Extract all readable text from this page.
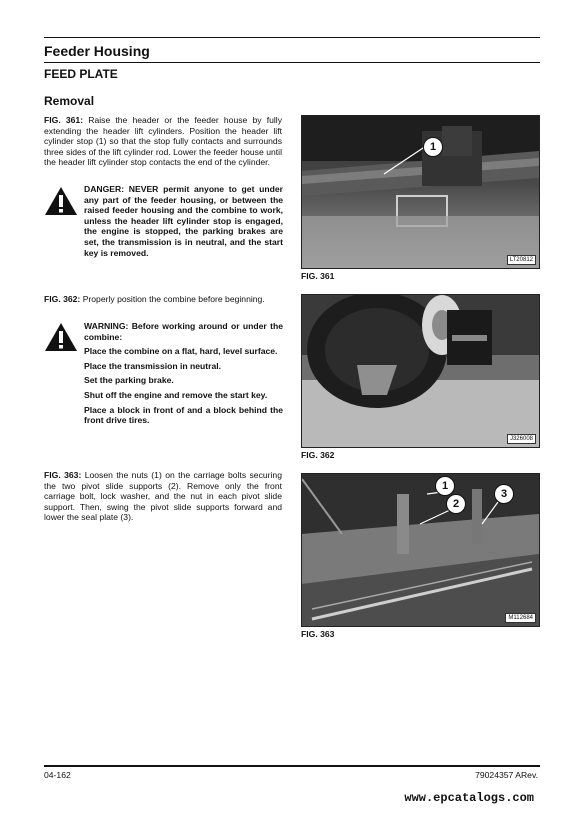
Feeder Housing
FEED PLATE
Removal
FIG. 361: Raise the header or the feeder house by fully extending the header lift cylinders. Position the header lift cylinder stop (1) so that the stop fully contacts and surrounds three sides of the lift cylinder rod. Lower the feeder house until the header lift cylinder stop contacts the end of the cylinder.
DANGER: NEVER permit anyone to get under any part of the feeder housing, or between the raised feeder housing and the combine to work, unless the header lift cylinder stop is engaged, the engine is stopped, the parking brakes are set, the transmission is in neutral, and the start key is removed.
FIG. 362: Properly position the combine before beginning.

WARNING: Before working around or under the combine:

Place the combine on a flat, hard, level surface.

Place the transmission in neutral.

Set the parking brake.

Shut off the engine and remove the start key.

Place a block in front of and a block behind the front drive tires.

FIG. 363: Loosen the nuts (1) on the carriage bolts securing the two pivot slide supports (2). Remove only the front carriage bolt, lock washer, and the nut in each pivot slide support. Then, swing the pivot slide supports forward and lower the seal plate (3).
1
LT20812
FIG. 361
J326008
FIG. 362
1
2
3
M112684
FIG. 363
04-162	79024357 ARev.
www.epcatalogs.com
